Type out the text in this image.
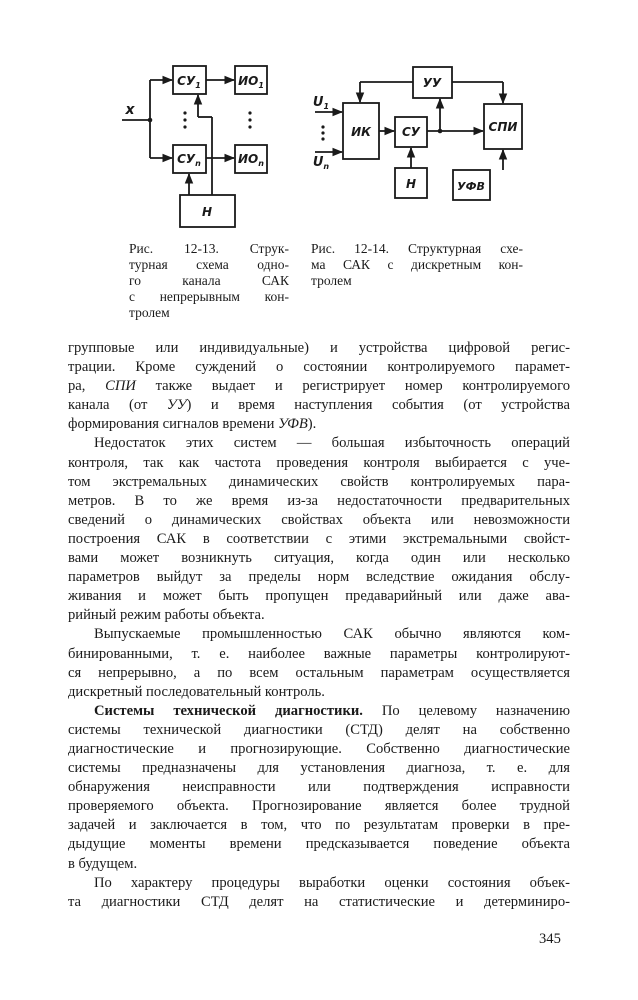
$СУ_1$
$СУ_n$
$ИО_1$
$ИО_n$
Н
x
УУ
ИК	СУ	СПИ
Н	УФВ
$U_1$
$U_n$
Рис. 12-13. Струк-
турная схема одно-
го канала САК
с непрерывным кон-
тролем
Рис. 12-14. Структурная схе-
ма САК с дискретным кон-
тролем
групповые или индивидуальные) и устройства цифровой регис-
трации. Кроме суждений о состоянии контролируемого парамет-
ра, СПИ также выдает и регистрирует номер контролируемого
канала (от УУ) и время наступления события (от устройства
формирования сигналов времени УФВ).
Недостаток этих систем — большая избыточность операций
контроля, так как частота проведения контроля выбирается с уче-
том экстремальных динамических свойств контролируемых пара-
метров. В то же время из-за недостаточности предварительных
сведений о динамических свойствах объекта или невозможности
построения САК в соответствии с этими экстремальными свойст-
вами может возникнуть ситуация, когда один или несколько
параметров выйдут за пределы норм вследствие ожидания обслу-
живания и может быть пропущен предаварийный или даже ава-
рийный режим работы объекта.
Выпускаемые промышленностью САК обычно являются ком-
бинированными, т. е. наиболее важные параметры контролируют-
ся непрерывно, а по всем остальным параметрам осуществляется
дискретный последовательный контроль.
Системы технической диагностики. По целевому назначению
системы технической диагностики (СТД) делят на собственно
диагностические и прогнозирующие. Собственно диагностические
системы предназначены для установления диагноза, т. е. для
обнаружения неисправности или подтверждения исправности
проверяемого объекта. Прогнозирование является более трудной
задачей и заключается в том, что по результатам проверки в пре-
дыдущие моменты времени предсказывается поведение объекта
в будущем.
По характеру процедуры выработки оценки состояния объек-
та диагностики СТД делят на статистические и детерминиро-
345
